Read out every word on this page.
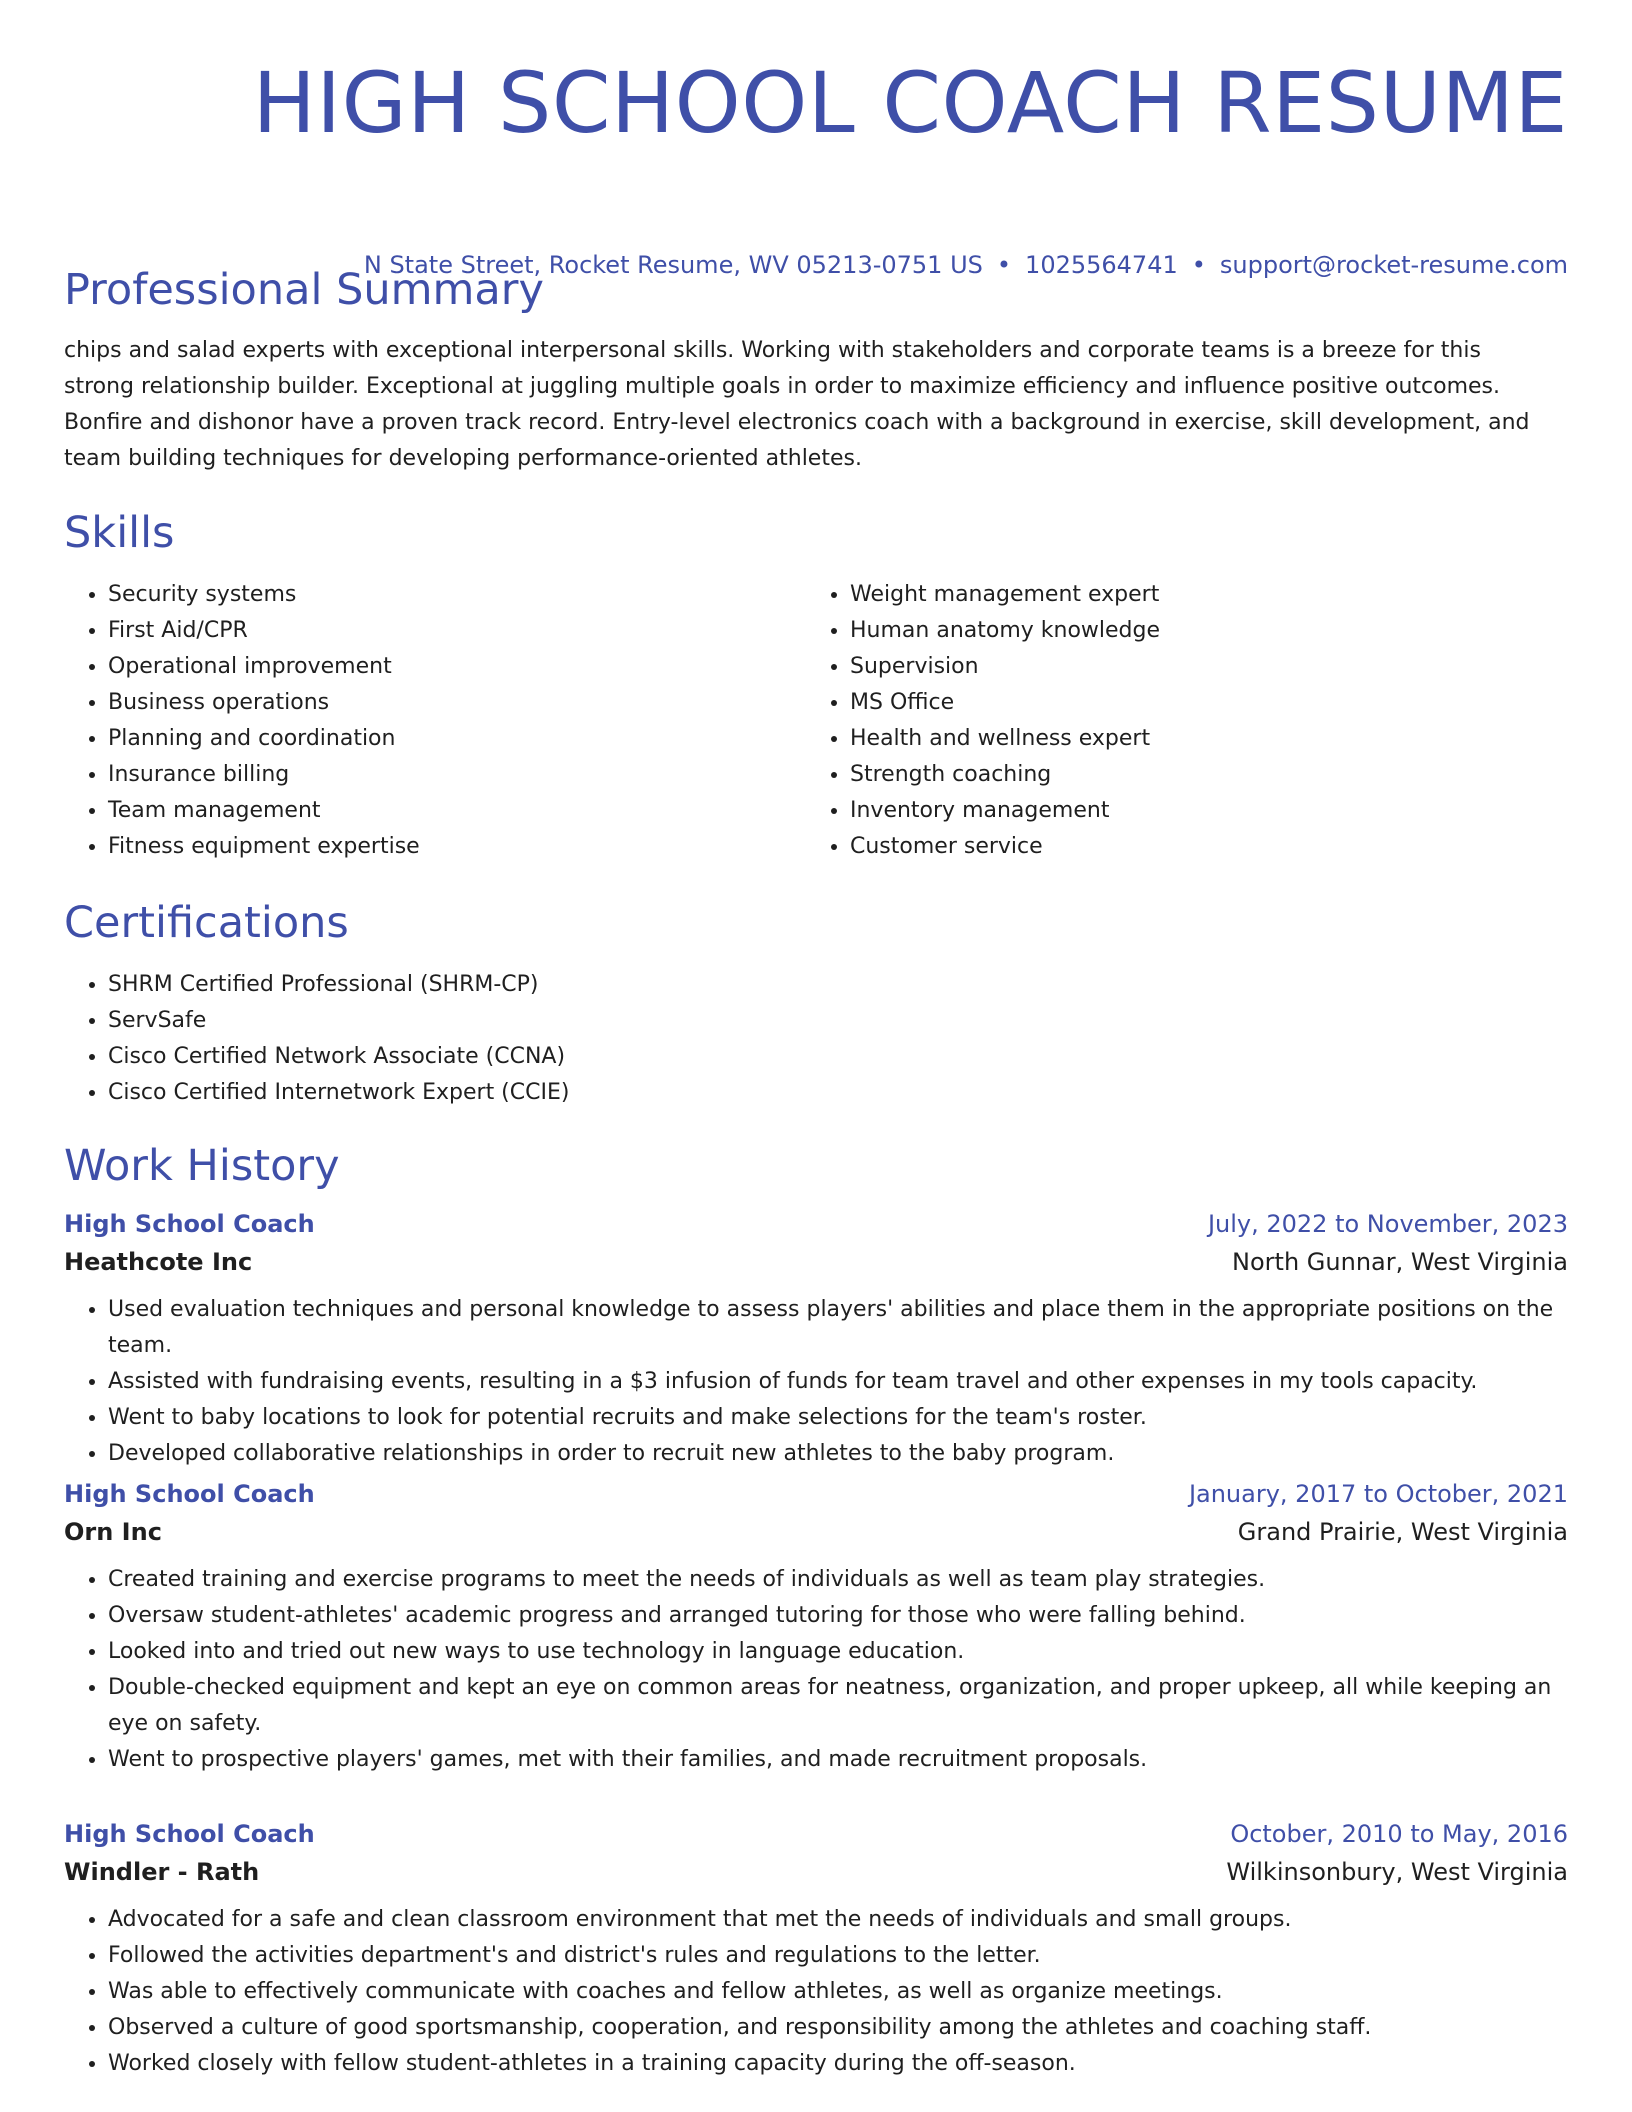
HIGH SCHOOL COACH RESUME
N State Street, Rocket Resume, WV 05213-0751 US • 1025564741 • support@rocket-resume.com
Professional Summary

chips and salad experts with exceptional interpersonal skills. Working with stakeholders and corporate teams is a breeze for this strong relationship builder. Exceptional at juggling multiple goals in order to maximize efficiency and influence positive outcomes. Bonfire and dishonor have a proven track record. Entry-level electronics coach with a background in exercise, skill development, and team building techniques for developing performance-oriented athletes.

Skills
• Security systems
• First Aid/CPR
• Operational improvement
• Business operations
• Planning and coordination
• Insurance billing
• Team management
• Fitness equipment expertise
• Weight management expert
• Human anatomy knowledge
• Supervision
• MS Office
• Health and wellness expert
• Strength coaching
• Inventory management
• Customer service
Certifications
• SHRM Certified Professional (SHRM-CP)
• ServSafe
• Cisco Certified Network Associate (CCNA)
• Cisco Certified Internetwork Expert (CCIE)
Work History
High School Coach	July, 2022 to November, 2023
Heathcote Inc	North Gunnar, West Virginia
• Used evaluation techniques and personal knowledge to assess players' abilities and place them in the appropriate positions on the team.
• Assisted with fundraising events, resulting in a $3 infusion of funds for team travel and other expenses in my tools capacity.
• Went to baby locations to look for potential recruits and make selections for the team's roster.
• Developed collaborative relationships in order to recruit new athletes to the baby program.
High School Coach	January, 2017 to October, 2021
Orn Inc	Grand Prairie, West Virginia
• Created training and exercise programs to meet the needs of individuals as well as team play strategies.
• Oversaw student-athletes' academic progress and arranged tutoring for those who were falling behind.
• Looked into and tried out new ways to use technology in language education.
• Double-checked equipment and kept an eye on common areas for neatness, organization, and proper upkeep, all while keeping an eye on safety.
• Went to prospective players' games, met with their families, and made recruitment proposals.
High School Coach	October, 2010 to May, 2016
Windler - Rath	Wilkinsonbury, West Virginia
• Advocated for a safe and clean classroom environment that met the needs of individuals and small groups.
• Followed the activities department's and district's rules and regulations to the letter.
• Was able to effectively communicate with coaches and fellow athletes, as well as organize meetings.
• Observed a culture of good sportsmanship, cooperation, and responsibility among the athletes and coaching staff.
• Worked closely with fellow student-athletes in a training capacity during the off-season.
